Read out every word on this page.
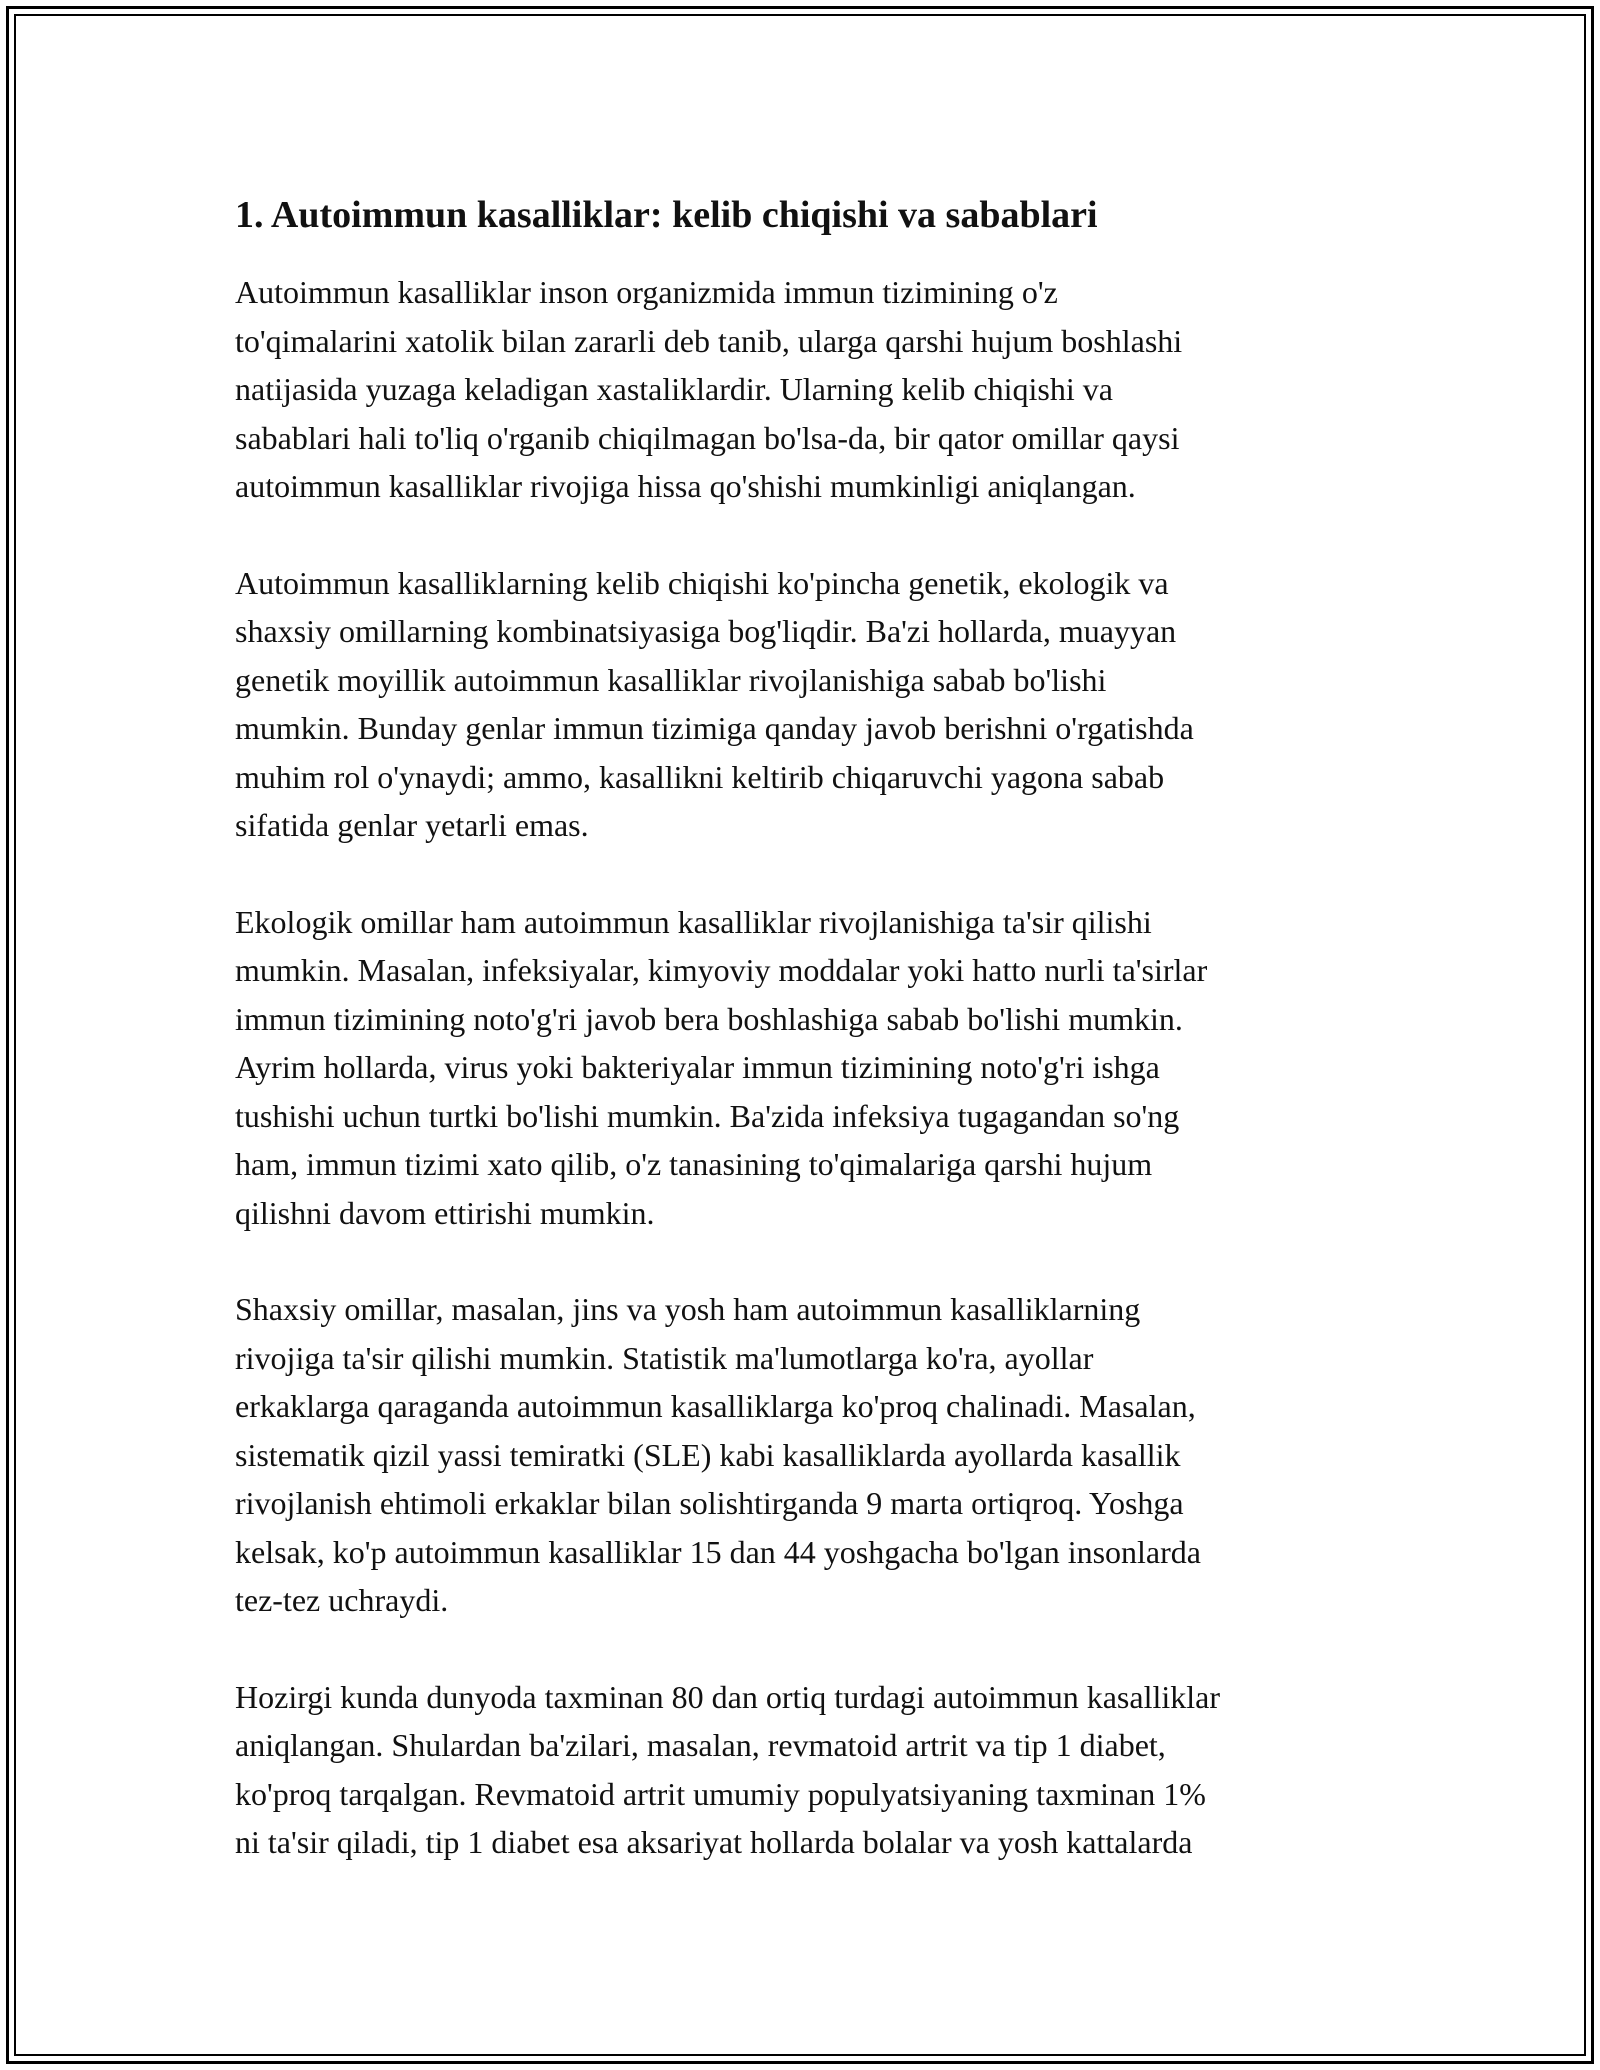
1. Autoimmun kasalliklar: kelib chiqishi va sabablari

Autoimmun kasalliklar inson organizmida immun tizimining o'z
to'qimalarini xatolik bilan zararli deb tanib, ularga qarshi hujum boshlashi
natijasida yuzaga keladigan xastaliklardir. Ularning kelib chiqishi va
sabablari hali to'liq o'rganib chiqilmagan bo'lsa-da, bir qator omillar qaysi
autoimmun kasalliklar rivojiga hissa qo'shishi mumkinligi aniqlangan.

Autoimmun kasalliklarning kelib chiqishi ko'pincha genetik, ekologik va
shaxsiy omillarning kombinatsiyasiga bog'liqdir. Ba'zi hollarda, muayyan
genetik moyillik autoimmun kasalliklar rivojlanishiga sabab bo'lishi
mumkin. Bunday genlar immun tizimiga qanday javob berishni o'rgatishda
muhim rol o'ynaydi; ammo, kasallikni keltirib chiqaruvchi yagona sabab
sifatida genlar yetarli emas.

Ekologik omillar ham autoimmun kasalliklar rivojlanishiga ta'sir qilishi
mumkin. Masalan, infeksiyalar, kimyoviy moddalar yoki hatto nurli ta'sirlar
immun tizimining noto'g'ri javob bera boshlashiga sabab bo'lishi mumkin.
Ayrim hollarda, virus yoki bakteriyalar immun tizimining noto'g'ri ishga
tushishi uchun turtki bo'lishi mumkin. Ba'zida infeksiya tugagandan so'ng
ham, immun tizimi xato qilib, o'z tanasining to'qimalariga qarshi hujum
qilishni davom ettirishi mumkin.

Shaxsiy omillar, masalan, jins va yosh ham autoimmun kasalliklarning
rivojiga ta'sir qilishi mumkin. Statistik ma'lumotlarga ko'ra, ayollar
erkaklarga qaraganda autoimmun kasalliklarga ko'proq chalinadi. Masalan,
sistematik qizil yassi temiratki (SLE) kabi kasalliklarda ayollarda kasallik
rivojlanish ehtimoli erkaklar bilan solishtirganda 9 marta ortiqroq. Yoshga
kelsak, ko'p autoimmun kasalliklar 15 dan 44 yoshgacha bo'lgan insonlarda
tez-tez uchraydi.

Hozirgi kunda dunyoda taxminan 80 dan ortiq turdagi autoimmun kasalliklar
aniqlangan. Shulardan ba'zilari, masalan, revmatoid artrit va tip 1 diabet,
ko'proq tarqalgan. Revmatoid artrit umumiy populyatsiyaning taxminan 1%
ni ta'sir qiladi, tip 1 diabet esa aksariyat hollarda bolalar va yosh kattalarda
